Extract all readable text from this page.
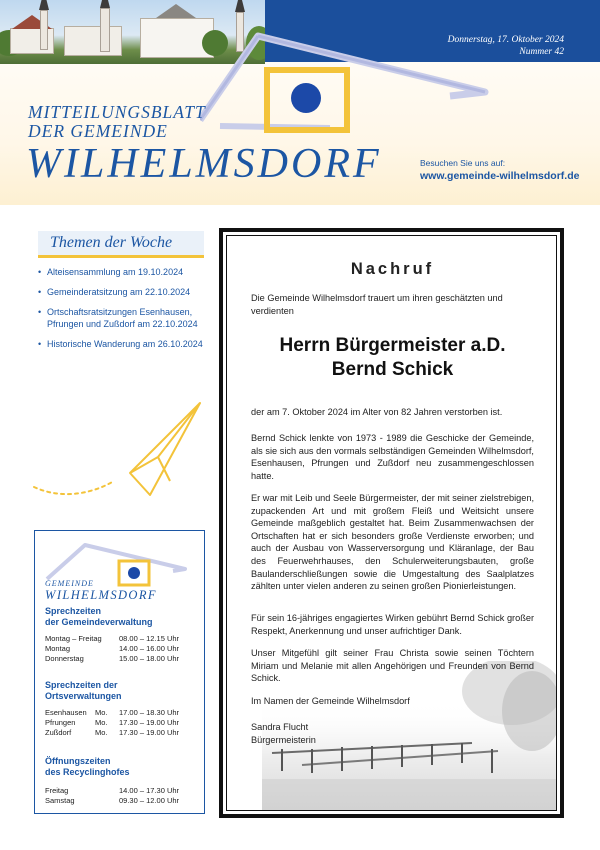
Donnerstag, 17. Oktober 2024
Nummer 42
MITTEILUNGSBLATT
DER GEMEINDE
WILHELMSDORF	Besuchen Sie uns auf:
www.gemeinde-wilhelmsdorf.de
Themen der Woche
• Alteisensammlung am 19.10.2024
• Gemeinderatsitzung am 22.10.2024
• Ortschaftsratsitzungen Esenhausen, Pfrungen und Zußdorf am 22.10.2024
• Historische Wanderung am 26.10.2024
GEMEINDE
WILHELMSDORF
Sprechzeiten
der Gemeindeverwaltung
Montag – Freitag	08.00 – 12.15 Uhr
Montag	14.00 – 16.00 Uhr
Donnerstag	15.00 – 18.00 Uhr
Sprechzeiten der
Ortsverwaltungen
Esenhausen	Mo.	17.00 – 18.30 Uhr
Pfrungen	Mo.	17.30 – 19.00 Uhr
Zußdorf	Mo.	17.30 – 19.00 Uhr
Öffnungszeiten
des Recyclinghofes
Freitag	14.00 – 17.30 Uhr
Samstag	09.30 – 12.00 Uhr
Nachruf
Die Gemeinde Wilhelmsdorf trauert um ihren geschätzten und verdienten
Herrn Bürgermeister a.D.
Bernd Schick
der am 7. Oktober 2024 im Alter von 82 Jahren verstorben ist.
Bernd Schick lenkte von 1973 - 1989 die Geschicke der Gemeinde, als sie sich aus den vormals selbständigen Gemeinden Wilhelmsdorf, Esenhausen, Pfrungen und Zußdorf neu zusammengeschlossen hatte.
Er war mit Leib und Seele Bürgermeister, der mit seiner zielstrebigen, zupackenden Art und mit großem Fleiß und Weitsicht unsere Gemeinde maßgeblich gestaltet hat. Beim Zusammenwachsen der Ortschaften hat er sich besonders große Verdienste erworben; und auch der Ausbau von Wasserversorgung und Kläranlage, der Bau des Feuerwehrhauses, den Schulerweiterungsbauten, große Baulanderschließungen sowie die Umgestaltung des Saalplatzes zählten unter vielen anderen zu seinen großen Pionierleistungen.
Für sein 16-jähriges engagiertes Wirken gebührt Bernd Schick großer Respekt, Anerkennung und unser aufrichtiger Dank.
Unser Mitgefühl gilt seiner Frau Christa sowie seinen Töchtern Miriam und Melanie mit allen Angehörigen und Freunden von Bernd Schick.
Im Namen der Gemeinde Wilhelmsdorf
Sandra Flucht
Bürgermeisterin
